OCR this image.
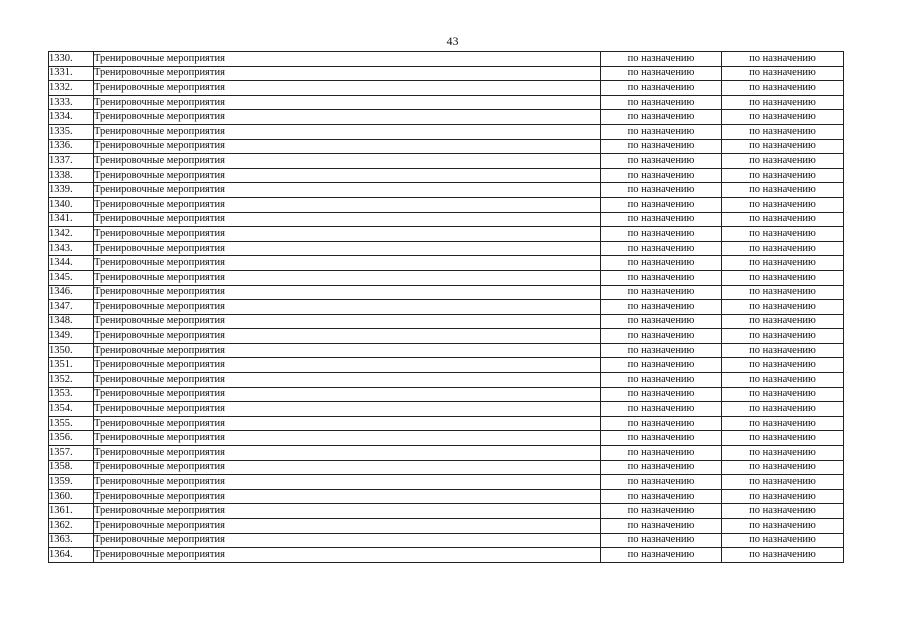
43
1330.	Тренировочные мероприятия	по назначению	по назначению
1331.	Тренировочные мероприятия	по назначению	по назначению
1332.	Тренировочные мероприятия	по назначению	по назначению
1333.	Тренировочные мероприятия	по назначению	по назначению
1334.	Тренировочные мероприятия	по назначению	по назначению
1335.	Тренировочные мероприятия	по назначению	по назначению
1336.	Тренировочные мероприятия	по назначению	по назначению
1337.	Тренировочные мероприятия	по назначению	по назначению
1338.	Тренировочные мероприятия	по назначению	по назначению
1339.	Тренировочные мероприятия	по назначению	по назначению
1340.	Тренировочные мероприятия	по назначению	по назначению
1341.	Тренировочные мероприятия	по назначению	по назначению
1342.	Тренировочные мероприятия	по назначению	по назначению
1343.	Тренировочные мероприятия	по назначению	по назначению
1344.	Тренировочные мероприятия	по назначению	по назначению
1345.	Тренировочные мероприятия	по назначению	по назначению
1346.	Тренировочные мероприятия	по назначению	по назначению
1347.	Тренировочные мероприятия	по назначению	по назначению
1348.	Тренировочные мероприятия	по назначению	по назначению
1349.	Тренировочные мероприятия	по назначению	по назначению
1350.	Тренировочные мероприятия	по назначению	по назначению
1351.	Тренировочные мероприятия	по назначению	по назначению
1352.	Тренировочные мероприятия	по назначению	по назначению
1353.	Тренировочные мероприятия	по назначению	по назначению
1354.	Тренировочные мероприятия	по назначению	по назначению
1355.	Тренировочные мероприятия	по назначению	по назначению
1356.	Тренировочные мероприятия	по назначению	по назначению
1357.	Тренировочные мероприятия	по назначению	по назначению
1358.	Тренировочные мероприятия	по назначению	по назначению
1359.	Тренировочные мероприятия	по назначению	по назначению
1360.	Тренировочные мероприятия	по назначению	по назначению
1361.	Тренировочные мероприятия	по назначению	по назначению
1362.	Тренировочные мероприятия	по назначению	по назначению
1363.	Тренировочные мероприятия	по назначению	по назначению
1364.	Тренировочные мероприятия	по назначению	по назначению
